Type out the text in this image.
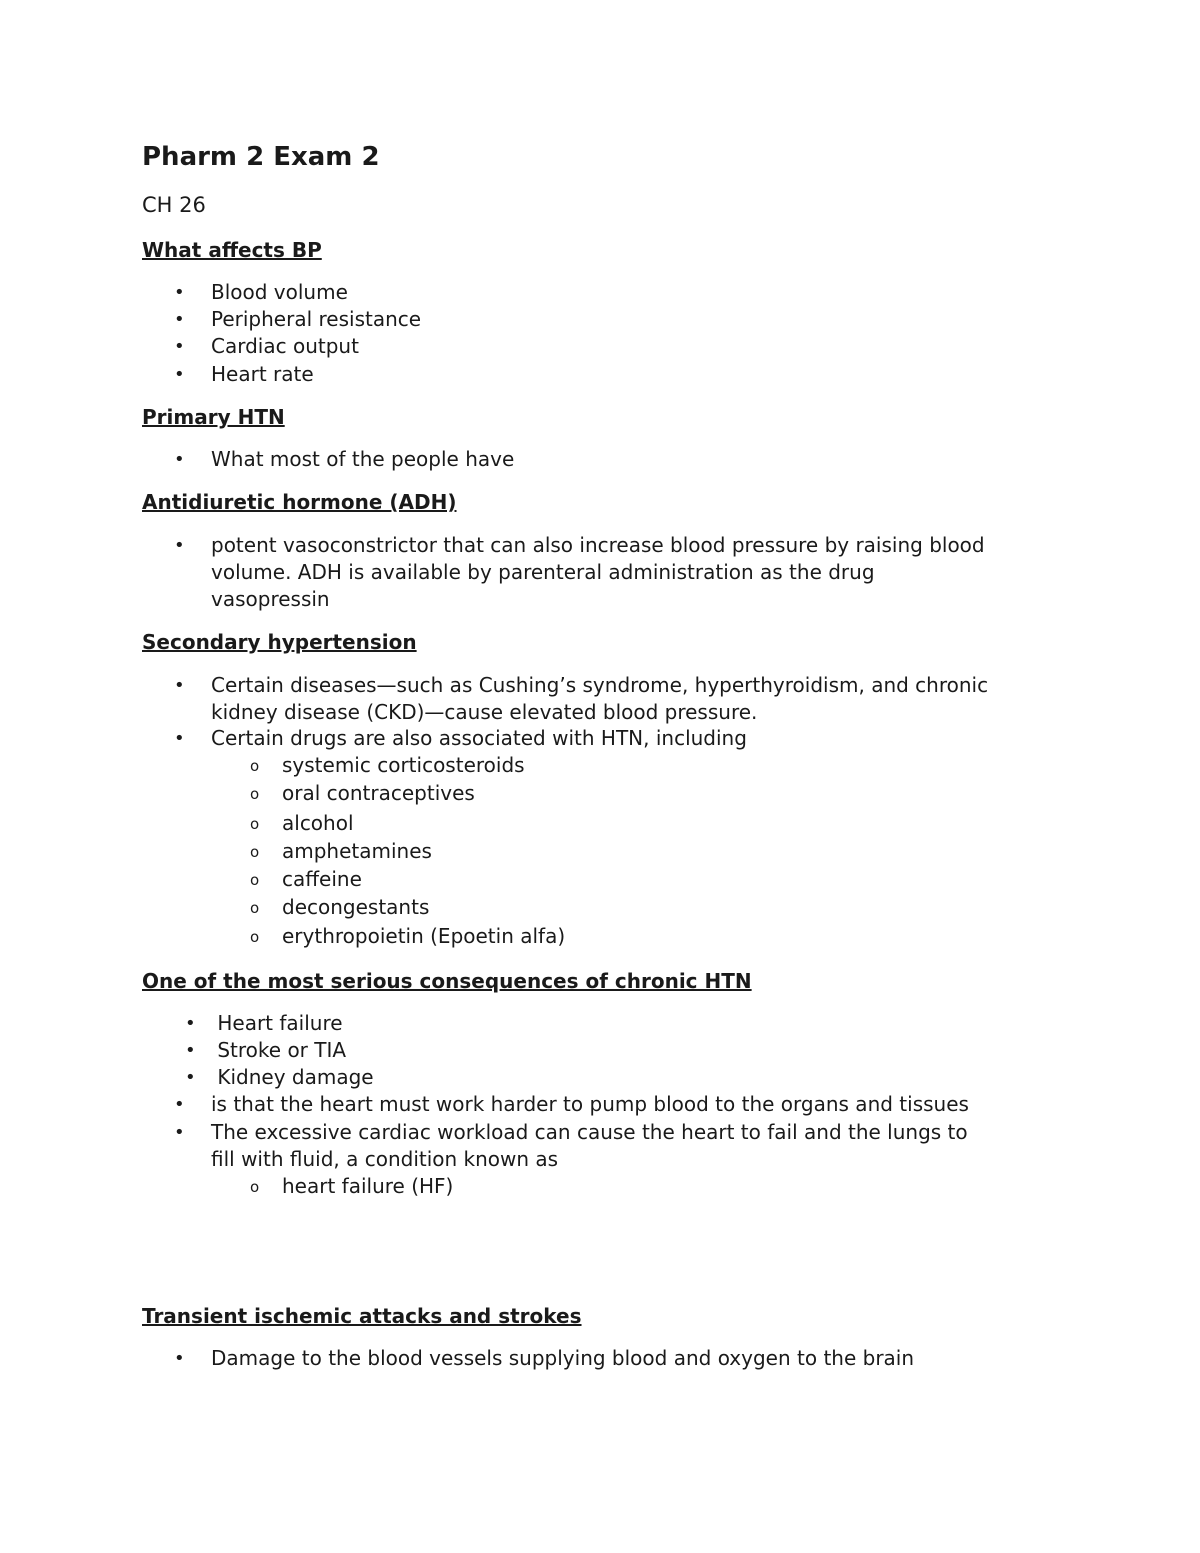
Pharm 2 Exam 2
CH 26
What affects BP
• Blood volume
• Peripheral resistance
• Cardiac output
• Heart rate
Primary HTN
• What most of the people have
Antidiuretic hormone (ADH)
• potent vasoconstrictor that can also increase blood pressure by raising blood
volume. ADH is available by parenteral administration as the drug
vasopressin
Secondary hypertension
• Certain diseases—such as Cushing’s syndrome, hyperthyroidism, and chronic
kidney disease (CKD)—cause elevated blood pressure.
• Certain drugs are also associated with HTN, including
o systemic corticosteroids
o oral contraceptives
o alcohol
o amphetamines
o caffeine
o decongestants
o erythropoietin (Epoetin alfa)
One of the most serious consequences of chronic HTN
• Heart failure
• Stroke or TIA
• Kidney damage
• is that the heart must work harder to pump blood to the organs and tissues
• The excessive cardiac workload can cause the heart to fail and the lungs to
fill with fluid, a condition known as
o heart failure (HF)
Transient ischemic attacks and strokes
• Damage to the blood vessels supplying blood and oxygen to the brain
